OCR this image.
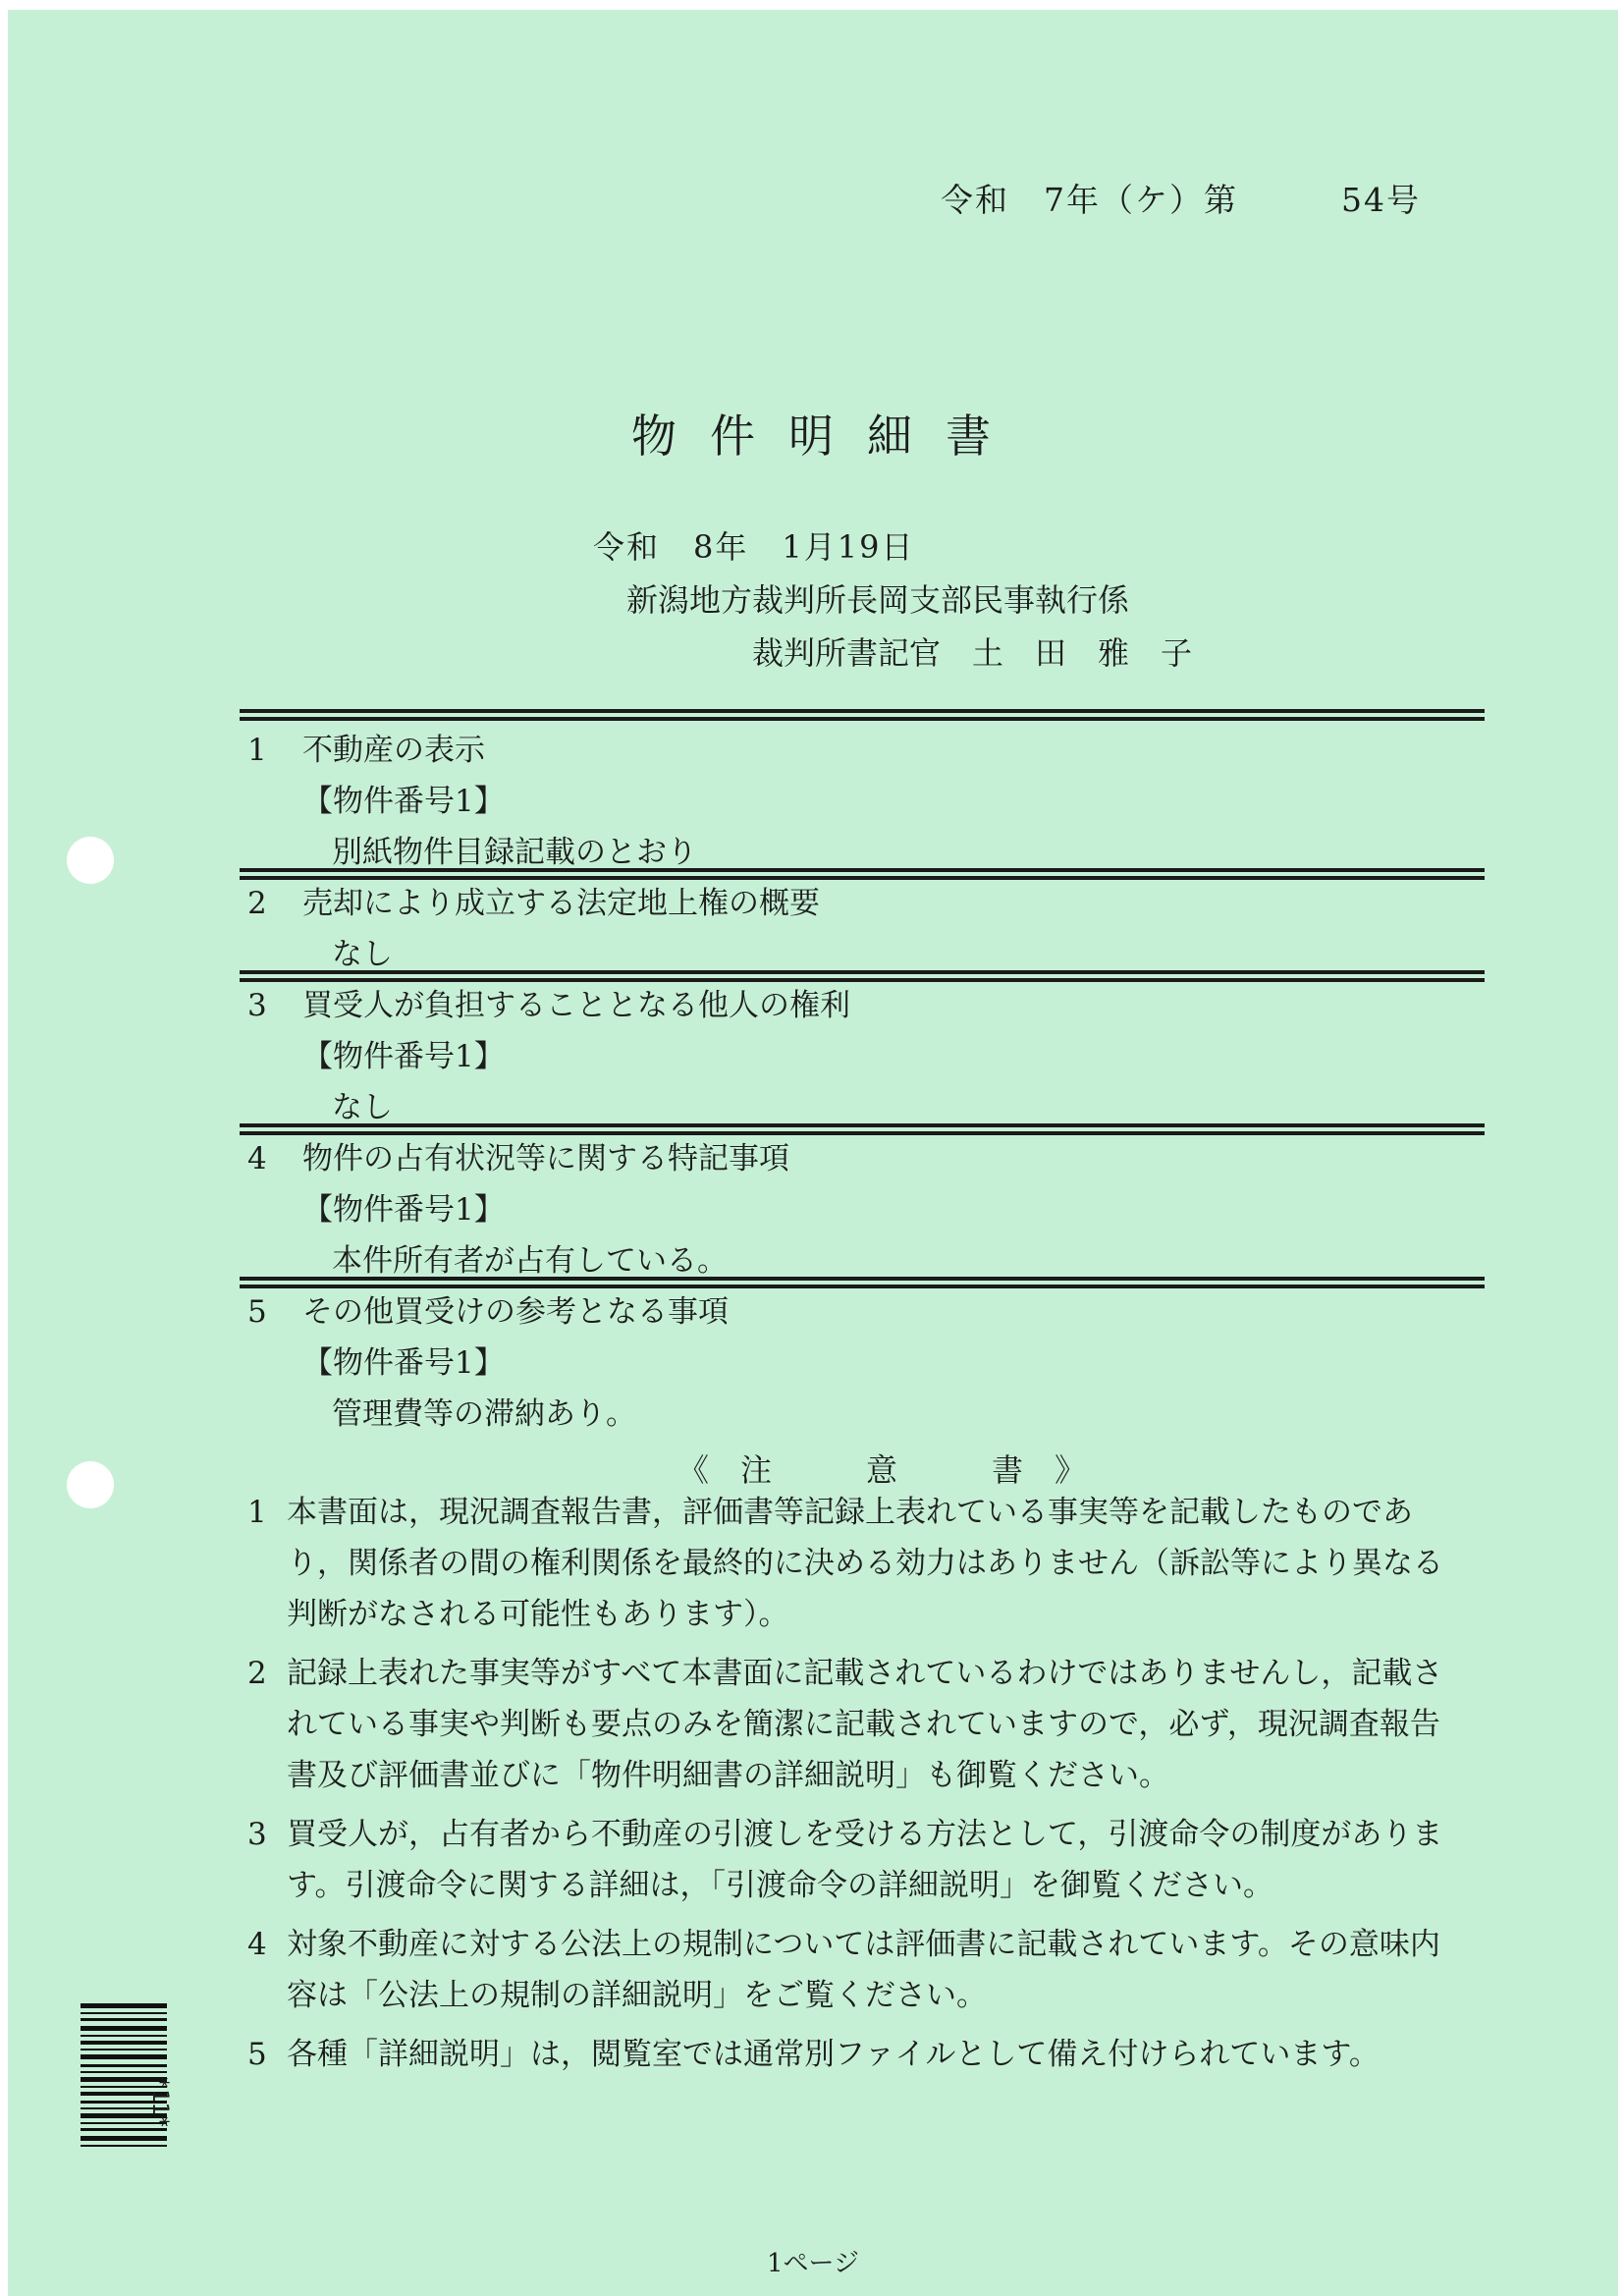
令和　7年（ケ）第　　　54号
物件明細書
令和　8年　1月19日
新潟地方裁判所長岡支部民事執行係
裁判所書記官　土　田　雅　子
1 不動産の表示
【物件番号1】
別紙物件目録記載のとおり
2 売却により成立する法定地上権の概要
なし
3 買受人が負担することとなる他人の権利
【物件番号1】
なし
4 物件の占有状況等に関する特記事項
【物件番号1】
本件所有者が占有している。
5 その他買受けの参考となる事項
【物件番号1】
管理費等の滞納あり。
《　注　　　意　　　書　》
1 本書面は，現況調査報告書，評価書等記録上表れている事実等を記載したものであり，関係者の間の権利関係を最終的に決める効力はありません（訴訟等により異なる判断がなされる可能性もあります）。
2 記録上表れた事実等がすべて本書面に記載されているわけではありませんし，記載されている事実や判断も要点のみを簡潔に記載されていますので，必ず，現況調査報告書及び評価書並びに「物件明細書の詳細説明」も御覧ください。
3 買受人が，占有者から不動産の引渡しを受ける方法として，引渡命令の制度があります。引渡命令に関する詳細は，「引渡命令の詳細説明」を御覧ください。
4 対象不動産に対する公法上の規制については評価書に記載されています。その意味内容は「公法上の規制の詳細説明」をご覧ください。
5 各種「詳細説明」は，閲覧室では通常別ファイルとして備え付けられています。
*11*
1ページ
